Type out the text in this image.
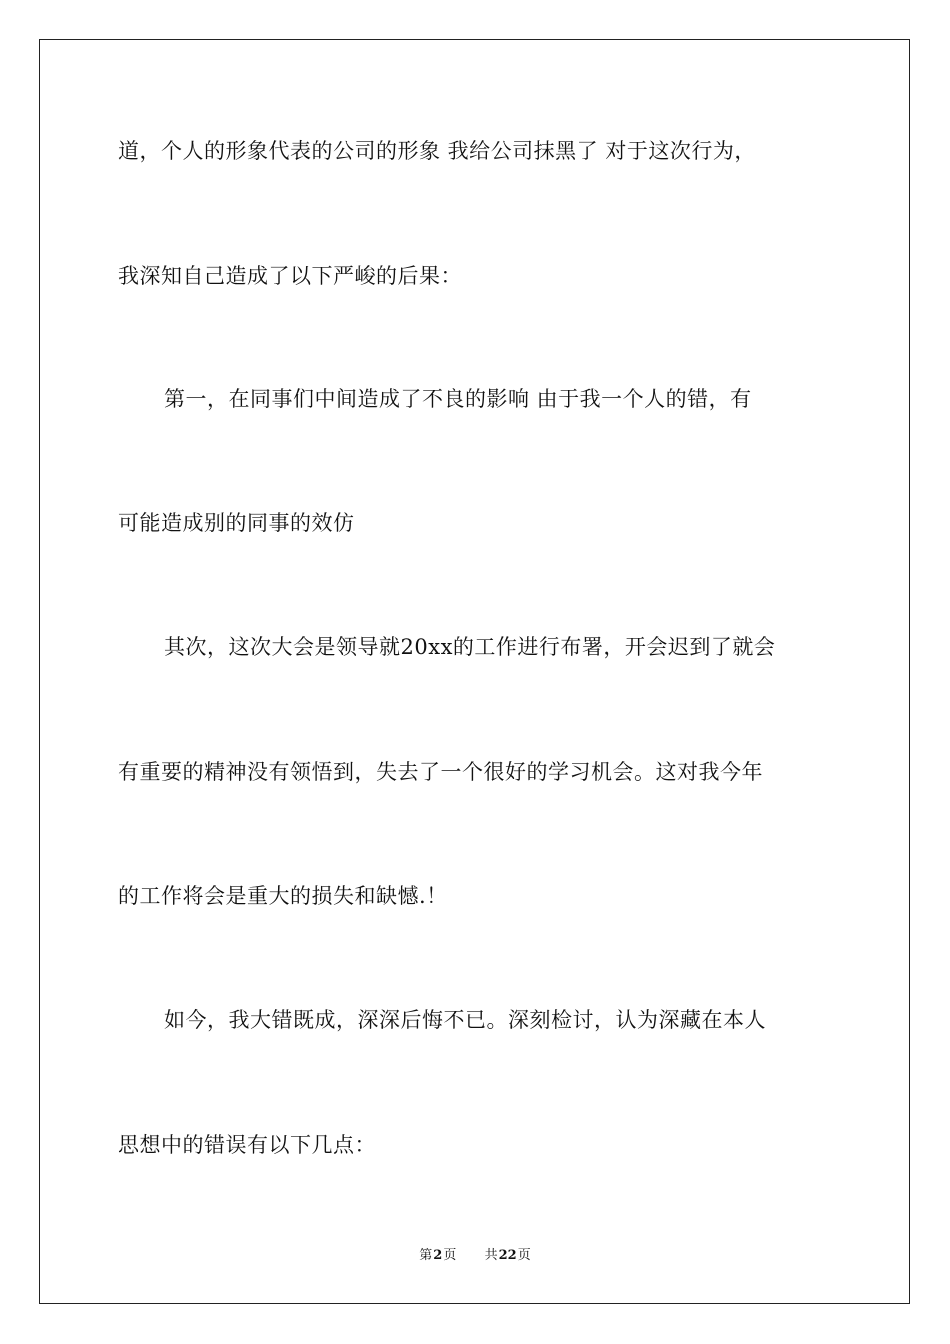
道，个人的形象代表的公司的形象 我给公司抹黑了 对于这次行为，
我深知自己造成了以下严峻的后果：
第一，在同事们中间造成了不良的影响 由于我一个人的错，有
可能造成别的同事的效仿
其次，这次大会是领导就20xx的工作进行布署，开会迟到了就会
有重要的精神没有领悟到，失去了一个很好的学习机会。这对我今年
的工作将会是重大的损失和缺憾.！
如今，我大错既成，深深后悔不已。深刻检讨，认为深藏在本人
思想中的错误有以下几点：
第2页 共22页
